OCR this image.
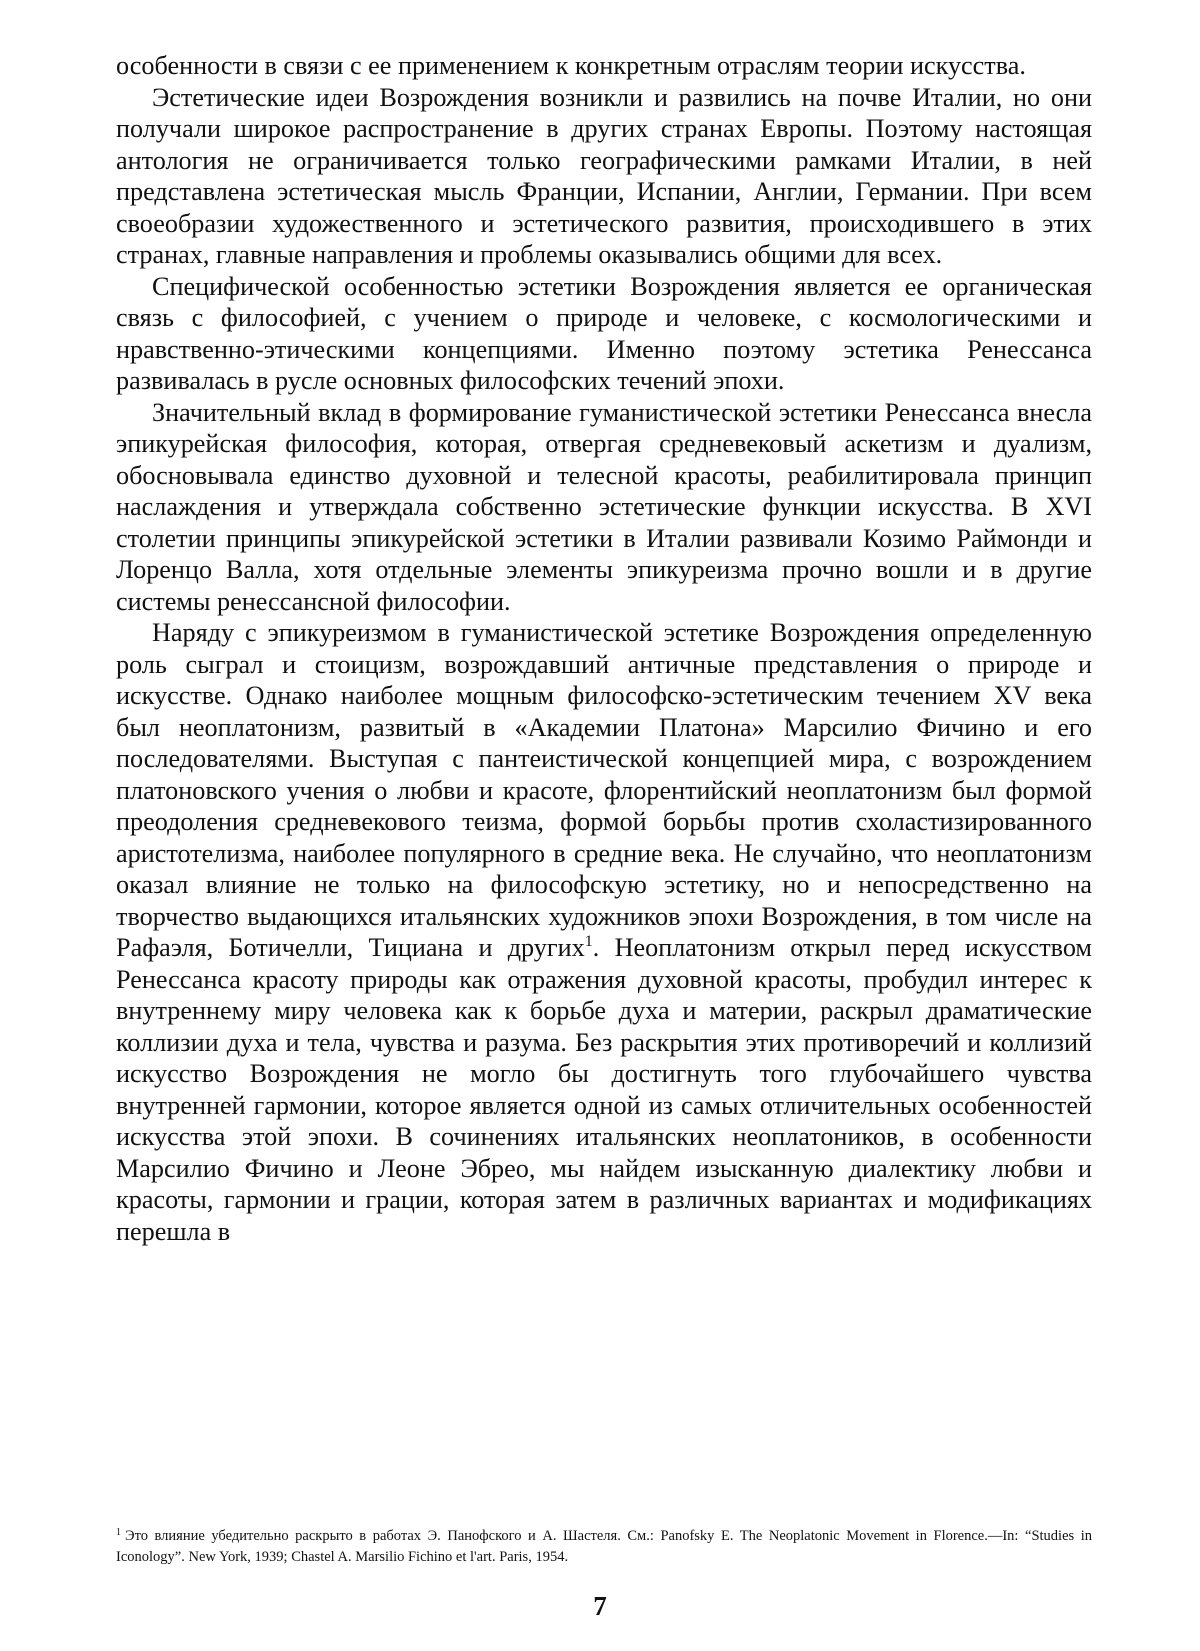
особенности в связи с ее применением к конкретным отраслям теории искусства.

Эстетические идеи Возрождения возникли и развились на почве Италии, но они получали широкое распространение в других странах Европы. Поэтому настоящая антология не ограничивается только географическими рамками Италии, в ней представлена эстетическая мысль Франции, Испании, Англии, Германии. При всем своеобразии художественного и эстетического развития, происходившего в этих странах, главные направления и проблемы оказывались общими для всех.

Специфической особенностью эстетики Возрождения является ее органическая связь с философией, с учением о природе и человеке, с космологическими и нравственно-этическими концепциями. Именно поэтому эстетика Ренессанса развивалась в русле основных философских течений эпохи.

Значительный вклад в формирование гуманистической эстетики Ренессанса внесла эпикурейская философия, которая, отвергая средневековый аскетизм и дуализм, обосновывала единство духовной и телесной красоты, реабилитировала принцип наслаждения и утверждала собственно эстетические функции искусства. В XVI столетии принципы эпикурейской эстетики в Италии развивали Козимо Раймонди и Лоренцо Валла, хотя отдельные элементы эпикуреизма прочно вошли и в другие системы ренессансной философии.

Наряду с эпикуреизмом в гуманистической эстетике Возрождения определенную роль сыграл и стоицизм, возрождавший античные представления о природе и искусстве. Однако наиболее мощным философско-эстетическим течением XV века был неоплатонизм, развитый в «Академии Платона» Марсилио Фичино и его последователями. Выступая с пантеистической концепцией мира, с возрождением платоновского учения о любви и красоте, флорентийский неоплатонизм был формой преодоления средневекового теизма, формой борьбы против схоластизированного аристотелизма, наиболее популярного в средние века. Не случайно, что неоплатонизм оказал влияние не только на философскую эстетику, но и непосредственно на творчество выдающихся итальянских художников эпохи Возрождения, в том числе на Рафаэля, Ботичелли, Тициана и других$^1$. Неоплатонизм открыл перед искусством Ренессанса красоту природы как отражения духовной красоты, пробудил интерес к внутреннему миру человека как к борьбе духа и материи, раскрыл драматические коллизии духа и тела, чувства и разума. Без раскрытия этих противоречий и коллизий искусство Возрождения не могло бы достигнуть того глубочайшего чувства внутренней гармонии, которое является одной из самых отличительных особенностей искусства этой эпохи. В сочинениях итальянских неоплатоников, в особенности Марсилио Фичино и Леоне Эбрео, мы найдем изысканную диалектику любви и красоты, гармонии и грации, которая затем в различных вариантах и модификациях перешла в

$^1$ Это влияние убедительно раскрыто в работах Э. Панофского и А. Шастеля. См.: Panofsky E. The Neoplatonic Movement in Florence.—In: “Studies in Iconology”. New York, 1939; Chastel A. Marsilio Fichino et l'art. Paris, 1954.
7
